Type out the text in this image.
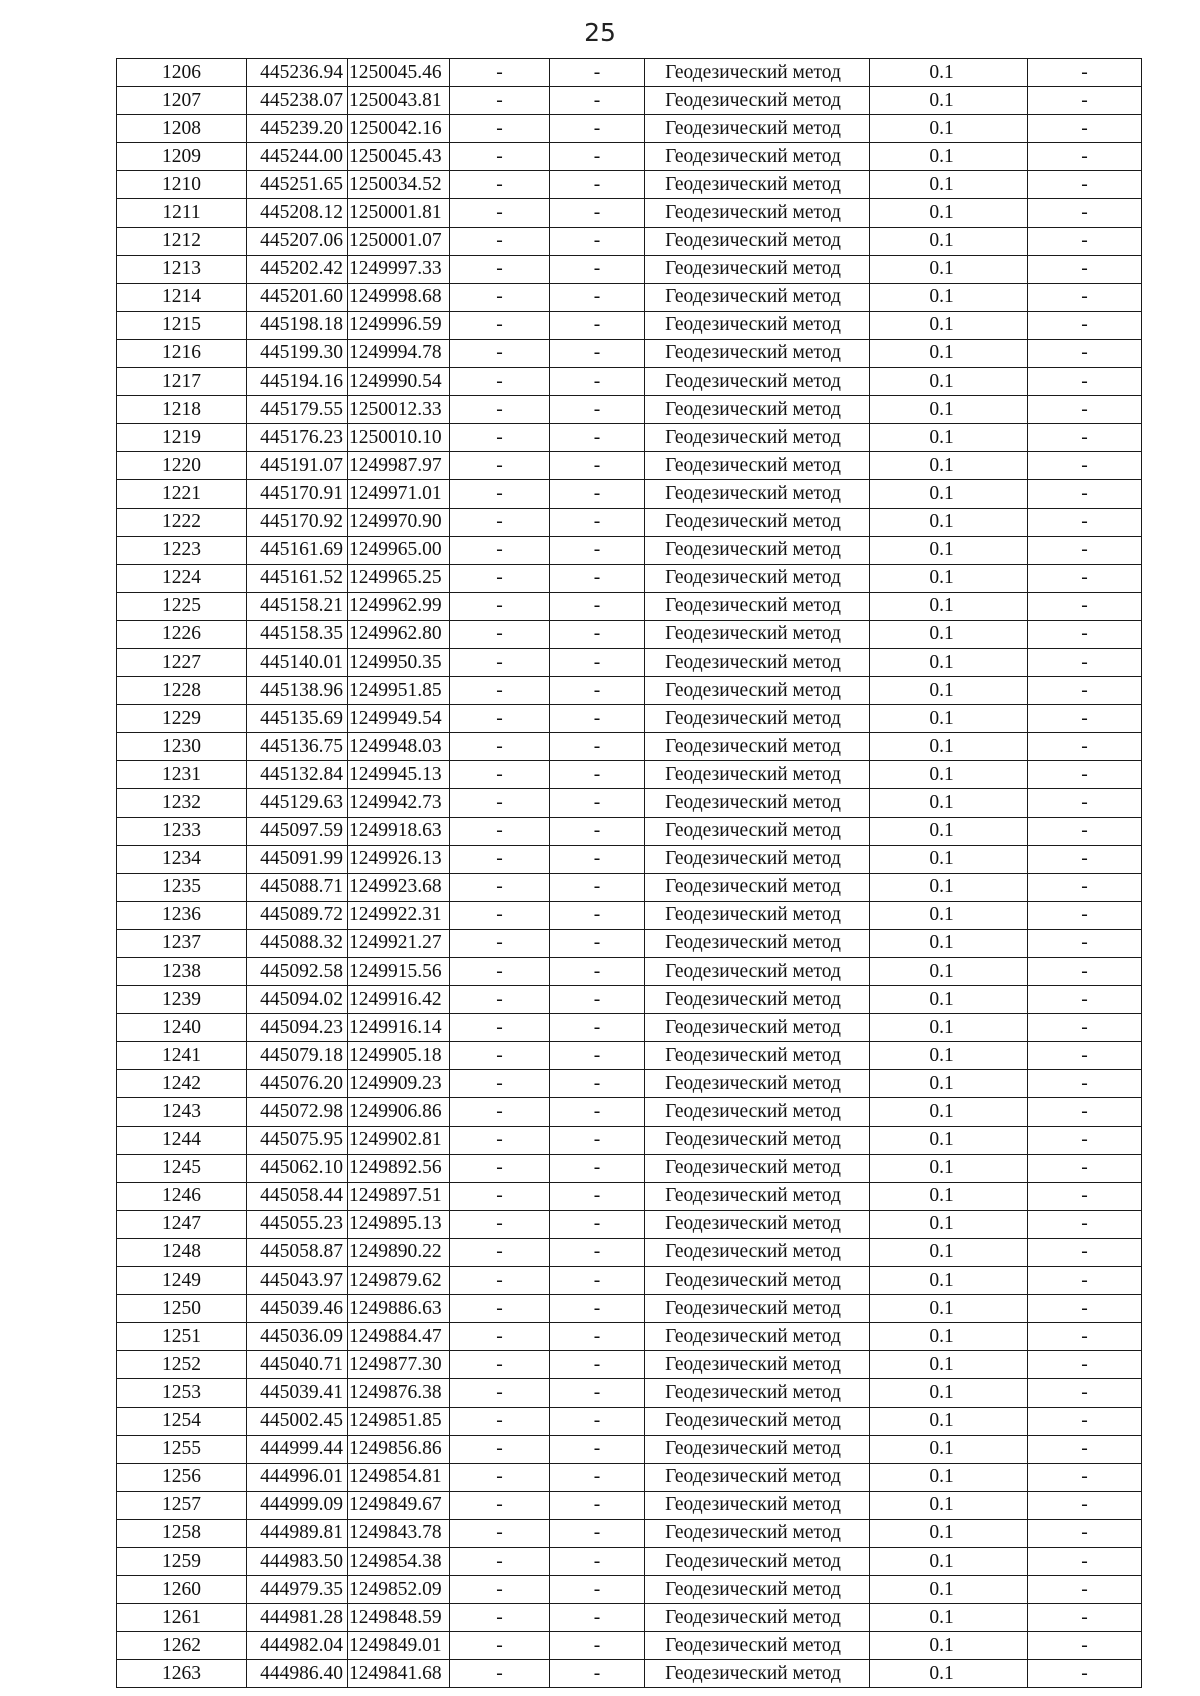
25
1206	445236.94	1250045.46	-	-	Геодезический метод	0.1	-
1207	445238.07	1250043.81	-	-	Геодезический метод	0.1	-
1208	445239.20	1250042.16	-	-	Геодезический метод	0.1	-
1209	445244.00	1250045.43	-	-	Геодезический метод	0.1	-
1210	445251.65	1250034.52	-	-	Геодезический метод	0.1	-
1211	445208.12	1250001.81	-	-	Геодезический метод	0.1	-
1212	445207.06	1250001.07	-	-	Геодезический метод	0.1	-
1213	445202.42	1249997.33	-	-	Геодезический метод	0.1	-
1214	445201.60	1249998.68	-	-	Геодезический метод	0.1	-
1215	445198.18	1249996.59	-	-	Геодезический метод	0.1	-
1216	445199.30	1249994.78	-	-	Геодезический метод	0.1	-
1217	445194.16	1249990.54	-	-	Геодезический метод	0.1	-
1218	445179.55	1250012.33	-	-	Геодезический метод	0.1	-
1219	445176.23	1250010.10	-	-	Геодезический метод	0.1	-
1220	445191.07	1249987.97	-	-	Геодезический метод	0.1	-
1221	445170.91	1249971.01	-	-	Геодезический метод	0.1	-
1222	445170.92	1249970.90	-	-	Геодезический метод	0.1	-
1223	445161.69	1249965.00	-	-	Геодезический метод	0.1	-
1224	445161.52	1249965.25	-	-	Геодезический метод	0.1	-
1225	445158.21	1249962.99	-	-	Геодезический метод	0.1	-
1226	445158.35	1249962.80	-	-	Геодезический метод	0.1	-
1227	445140.01	1249950.35	-	-	Геодезический метод	0.1	-
1228	445138.96	1249951.85	-	-	Геодезический метод	0.1	-
1229	445135.69	1249949.54	-	-	Геодезический метод	0.1	-
1230	445136.75	1249948.03	-	-	Геодезический метод	0.1	-
1231	445132.84	1249945.13	-	-	Геодезический метод	0.1	-
1232	445129.63	1249942.73	-	-	Геодезический метод	0.1	-
1233	445097.59	1249918.63	-	-	Геодезический метод	0.1	-
1234	445091.99	1249926.13	-	-	Геодезический метод	0.1	-
1235	445088.71	1249923.68	-	-	Геодезический метод	0.1	-
1236	445089.72	1249922.31	-	-	Геодезический метод	0.1	-
1237	445088.32	1249921.27	-	-	Геодезический метод	0.1	-
1238	445092.58	1249915.56	-	-	Геодезический метод	0.1	-
1239	445094.02	1249916.42	-	-	Геодезический метод	0.1	-
1240	445094.23	1249916.14	-	-	Геодезический метод	0.1	-
1241	445079.18	1249905.18	-	-	Геодезический метод	0.1	-
1242	445076.20	1249909.23	-	-	Геодезический метод	0.1	-
1243	445072.98	1249906.86	-	-	Геодезический метод	0.1	-
1244	445075.95	1249902.81	-	-	Геодезический метод	0.1	-
1245	445062.10	1249892.56	-	-	Геодезический метод	0.1	-
1246	445058.44	1249897.51	-	-	Геодезический метод	0.1	-
1247	445055.23	1249895.13	-	-	Геодезический метод	0.1	-
1248	445058.87	1249890.22	-	-	Геодезический метод	0.1	-
1249	445043.97	1249879.62	-	-	Геодезический метод	0.1	-
1250	445039.46	1249886.63	-	-	Геодезический метод	0.1	-
1251	445036.09	1249884.47	-	-	Геодезический метод	0.1	-
1252	445040.71	1249877.30	-	-	Геодезический метод	0.1	-
1253	445039.41	1249876.38	-	-	Геодезический метод	0.1	-
1254	445002.45	1249851.85	-	-	Геодезический метод	0.1	-
1255	444999.44	1249856.86	-	-	Геодезический метод	0.1	-
1256	444996.01	1249854.81	-	-	Геодезический метод	0.1	-
1257	444999.09	1249849.67	-	-	Геодезический метод	0.1	-
1258	444989.81	1249843.78	-	-	Геодезический метод	0.1	-
1259	444983.50	1249854.38	-	-	Геодезический метод	0.1	-
1260	444979.35	1249852.09	-	-	Геодезический метод	0.1	-
1261	444981.28	1249848.59	-	-	Геодезический метод	0.1	-
1262	444982.04	1249849.01	-	-	Геодезический метод	0.1	-
1263	444986.40	1249841.68	-	-	Геодезический метод	0.1	-
